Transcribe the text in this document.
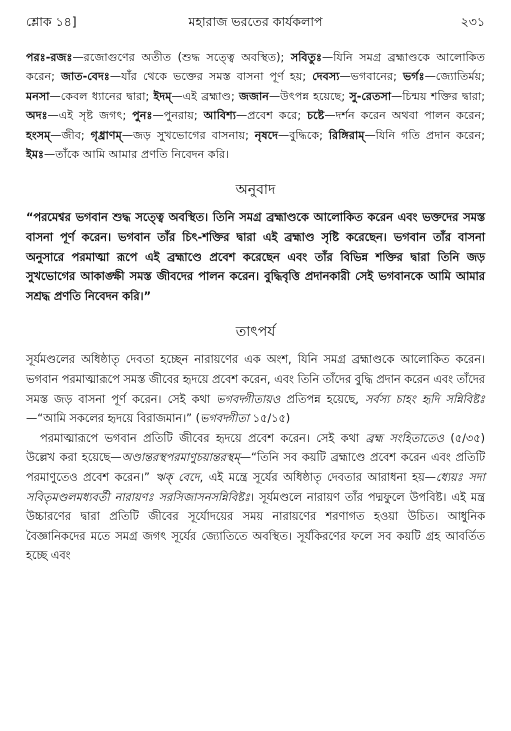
শ্লোক ১৪]	মহারাজ ভরতের কার্যকলাপ	২৩১
পরঃ-রজঃ—রজোগুণের অতীত (শুদ্ধ সত্ত্বে অবস্থিত); সবিতুঃ—যিনি সমগ্র ব্রহ্মাণ্ডকে আলোকিত করেন; জাত-বেদঃ—যাঁর থেকে ভক্তের সমস্ত বাসনা পূর্ণ হয়; দেবস্য—ভগবানের; ভর্গঃ—জ্যোতির্ময়; মনসা—কেবল ধ্যানের দ্বারা; ইদম্—এই ব্রহ্মাণ্ড; জজান—উৎপন্ন হয়েছে; সু-রেতসা—চিন্ময় শক্তির দ্বারা; অদঃ—এই সৃষ্ট জগৎ; পুনঃ—পুনরায়; আবিশ্য—প্রবেশ করে; চষ্টে—দর্শন করেন অথবা পালন করেন; হংসম্—জীব; গৃধ্রাণম্—জড় সুখভোগের বাসনায়; নৃষদে—বুদ্ধিকে; রিঙ্গিরাম্—যিনি গতি প্রদান করেন; ইমঃ—তাঁকে আমি আমার প্রণতি নিবেদন করি।
অনুবাদ
“পরমেশ্বর ভগবান শুদ্ধ সত্ত্বে অবস্থিত। তিনি সমগ্র ব্রহ্মাণ্ডকে আলোকিত করেন এবং ভক্তদের সমস্ত বাসনা পূর্ণ করেন। ভগবান তাঁর চিৎ-শক্তির দ্বারা এই ব্রহ্মাণ্ড সৃষ্টি করেছেন। ভগবান তাঁর বাসনা অনুসারে পরমাত্মা রূপে এই ব্রহ্মাণ্ডে প্রবেশ করেছেন এবং তাঁর বিভিন্ন শক্তির দ্বারা তিনি জড় সুখভোগের আকাঙ্ক্ষী সমস্ত জীবদের পালন করেন। বুদ্ধিবৃত্তি প্রদানকারী সেই ভগবানকে আমি আমার সশ্রদ্ধ প্রণতি নিবেদন করি।”
তাৎপর্য

সূর্যমণ্ডলের অধিষ্ঠাতৃ দেবতা হচ্ছেন নারায়ণের এক অংশ, যিনি সমগ্র ব্রহ্মাণ্ডকে আলোকিত করেন। ভগবান পরমাত্মারূপে সমস্ত জীবের হৃদয়ে প্রবেশ করেন, এবং তিনি তাঁদের বুদ্ধি প্রদান করেন এবং তাঁদের সমস্ত জড় বাসনা পূর্ণ করেন। সেই কথা ভগবদ্গীতায়ও প্রতিপন্ন হয়েছে, সর্বস্য চাহং হৃদি সন্নিবিষ্টঃ—“আমি সকলের হৃদয়ে বিরাজমান।” (ভগবদ্গীতা ১৫/১৫)

পরমাত্মারূপে ভগবান প্রতিটি জীবের হৃদয়ে প্রবেশ করেন। সেই কথা ব্রহ্ম সংহিতাতেও (৫/৩৫) উল্লেখ করা হয়েছে—অণ্ডান্তরস্থপরমাণুচয়ান্তরস্থম্—“তিনি সব কয়টি ব্রহ্মাণ্ডে প্রবেশ করেন এবং প্রতিটি পরমাণুতেও প্রবেশ করেন।” ঋক্ বেদে, এই মন্ত্রে সূর্যের অধিষ্ঠাতৃ দেবতার আরাধনা হয়—ধ্যেয়ঃ সদা সবিতৃমণ্ডলমধ্যবর্তী নারায়ণঃ সরসিজাসনসন্নিবিষ্টঃ। সূর্যমণ্ডলে নারায়ণ তাঁর পদ্মফুলে উপবিষ্ট। এই মন্ত্র উচ্চারণের দ্বারা প্রতিটি জীবের সূর্যোদয়ের সময় নারায়ণের শরণাগত হওয়া উচিত। আধুনিক বৈজ্ঞানিকদের মতে সমগ্র জগৎ সূর্যের জ্যোতিতে অবস্থিত। সূর্যকিরণের ফলে সব কয়টি গ্রহ আবর্তিত হচ্ছে এবং
